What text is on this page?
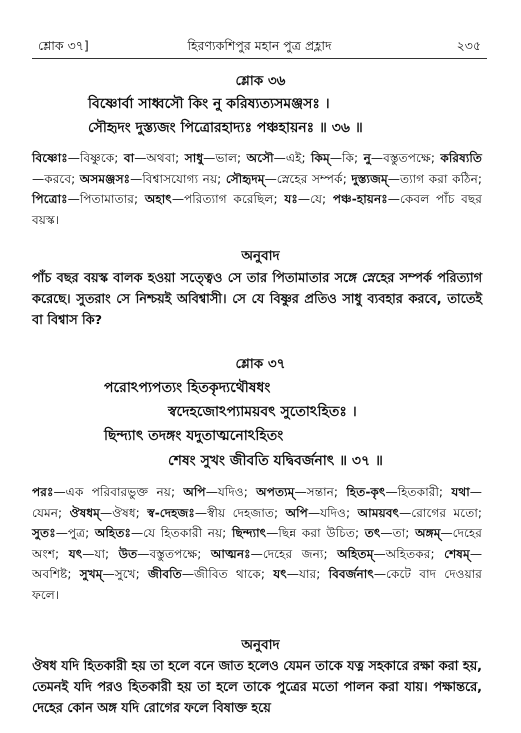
শ্লোক ৩৭]	হিরণ্যকশিপুর মহান পুত্র প্রহ্লাদ	২৩৫
শ্লোক ৩৬
বিষ্ণোর্বা সাধ্বসৌ কিং নু করিষ্যত্যসমঞ্জসঃ ।
সৌহৃদং দুস্ত্যজং পিত্রোরহাদ্যঃ পঞ্চহায়নঃ ॥ ৩৬ ॥
বিষ্ণোঃ—বিষ্ণুকে; বা—অথবা; সাধু—ভাল; অসৌ—এই; কিম্—কি; নু—বস্তুতপক্ষে; করিষ্যতি—করবে; অসমঞ্জসঃ—বিশ্বাসযোগ্য নয়; সৌহৃদম্—স্নেহের সম্পর্ক; দুস্ত্যজম্—ত্যাগ করা কঠিন; পিত্রোঃ—পিতামাতার; অহাৎ—পরিত্যাগ করেছিল; যঃ—যে; পঞ্চ-হায়নঃ—কেবল পাঁচ বছর বয়স্ক।
অনুবাদ
পাঁচ বছর বয়স্ক বালক হওয়া সত্ত্বেও সে তার পিতামাতার সঙ্গে স্নেহের সম্পর্ক পরিত্যাগ করেছে। সুতরাং সে নিশ্চয়ই অবিশ্বাসী। সে যে বিষ্ণুর প্রতিও সাধু ব্যবহার করবে, তাতেই বা বিশ্বাস কি?
শ্লোক ৩৭
পরোঽপ্যপত্যং হিতকৃদ্যথৌষধং
স্বদেহজোঽপ্যাময়বৎ সুতোঽহিতঃ ।
ছিন্দ্যাৎ তদঙ্গং যদুতাত্মনোঽহিতং
শেষং সুখং জীবতি যদ্বিবর্জনাৎ ॥ ৩৭ ॥
পরঃ—এক পরিবারভুক্ত নয়; অপি—যদিও; অপত্যম্—সন্তান; হিত-কৃৎ—হিতকারী; যথা—যেমন; ঔষধম্—ঔষধ; স্ব-দেহজঃ—স্বীয় দেহজাত; অপি—যদিও; আময়বৎ—রোগের মতো; সুতঃ—পুত্র; অহিতঃ—যে হিতকারী নয়; ছিন্দ্যাৎ—ছিন্ন করা উচিত; তৎ—তা; অঙ্গম্—দেহের অংশ; যৎ—যা; উত—বস্তুতপক্ষে; আত্মনঃ—দেহের জন্য; অহিতম্—অহিতকর; শেষম্—অবশিষ্ট; সুখম্—সুখে; জীবতি—জীবিত থাকে; যৎ—যার; বিবর্জনাৎ—কেটে বাদ দেওয়ার ফলে।
অনুবাদ
ঔষধ যদি হিতকারী হয় তা হলে বনে জাত হলেও যেমন তাকে যত্ন সহকারে রক্ষা করা হয়, তেমনই যদি পরও হিতকারী হয় তা হলে তাকে পুত্রের মতো পালন করা যায়। পক্ষান্তরে, দেহের কোন অঙ্গ যদি রোগের ফলে বিষাক্ত হয়ে
